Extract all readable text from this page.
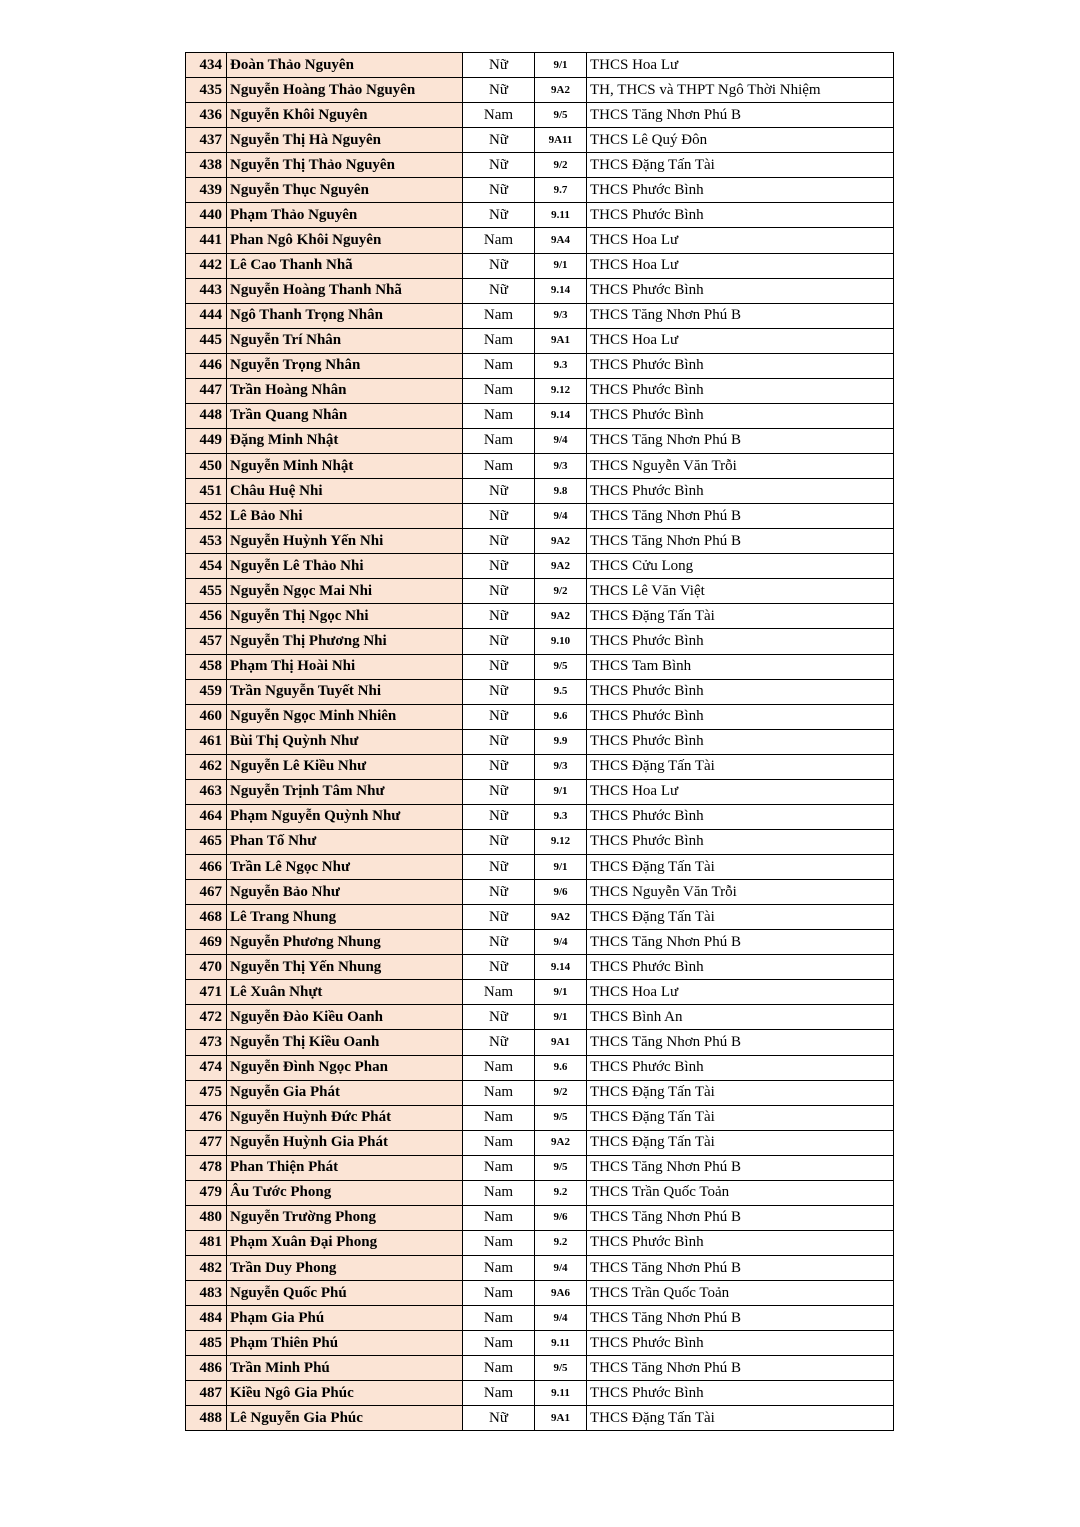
434	Đoàn Thảo Nguyên	Nữ	9/1	THCS Hoa Lư
435	Nguyễn Hoàng Thảo Nguyên	Nữ	9A2	TH, THCS và THPT Ngô Thời Nhiệm
436	Nguyễn Khôi Nguyên	Nam	9/5	THCS Tăng Nhơn Phú B
437	Nguyễn Thị Hà Nguyên	Nữ	9A11	THCS Lê Quý Đôn
438	Nguyễn Thị Thảo Nguyên	Nữ	9/2	THCS Đặng Tấn Tài
439	Nguyễn Thục Nguyên	Nữ	9.7	THCS Phước Bình
440	Phạm Thảo Nguyên	Nữ	9.11	THCS Phước Bình
441	Phan Ngô Khôi Nguyên	Nam	9A4	THCS Hoa Lư
442	Lê Cao Thanh Nhã	Nữ	9/1	THCS Hoa Lư
443	Nguyễn Hoàng Thanh Nhã	Nữ	9.14	THCS Phước Bình
444	Ngô Thanh Trọng Nhân	Nam	9/3	THCS Tăng Nhơn Phú B
445	Nguyễn Trí Nhân	Nam	9A1	THCS Hoa Lư
446	Nguyễn Trọng Nhân	Nam	9.3	THCS Phước Bình
447	Trần Hoàng Nhân	Nam	9.12	THCS Phước Bình
448	Trần Quang Nhân	Nam	9.14	THCS Phước Bình
449	Đặng Minh Nhật	Nam	9/4	THCS Tăng Nhơn Phú B
450	Nguyễn Minh Nhật	Nam	9/3	THCS Nguyễn Văn Trỗi
451	Châu Huệ Nhi	Nữ	9.8	THCS Phước Bình
452	Lê Bảo Nhi	Nữ	9/4	THCS Tăng Nhơn Phú B
453	Nguyễn Huỳnh Yến Nhi	Nữ	9A2	THCS Tăng Nhơn Phú B
454	Nguyễn Lê Thảo Nhi	Nữ	9A2	THCS Cửu Long
455	Nguyễn Ngọc Mai Nhi	Nữ	9/2	THCS Lê Văn Việt
456	Nguyễn Thị Ngọc Nhi	Nữ	9A2	THCS Đặng Tấn Tài
457	Nguyễn Thị Phương Nhi	Nữ	9.10	THCS Phước Bình
458	Phạm Thị Hoài Nhi	Nữ	9/5	THCS Tam Bình
459	Trần Nguyễn Tuyết Nhi	Nữ	9.5	THCS Phước Bình
460	Nguyễn Ngọc Minh Nhiên	Nữ	9.6	THCS Phước Bình
461	Bùi Thị Quỳnh Như	Nữ	9.9	THCS Phước Bình
462	Nguyễn Lê Kiều Như	Nữ	9/3	THCS Đặng Tấn Tài
463	Nguyễn Trịnh Tâm Như	Nữ	9/1	THCS Hoa Lư
464	Phạm Nguyễn Quỳnh Như	Nữ	9.3	THCS Phước Bình
465	Phan Tố Như	Nữ	9.12	THCS Phước Bình
466	Trần Lê Ngọc Như	Nữ	9/1	THCS Đặng Tấn Tài
467	Nguyễn Bảo Như	Nữ	9/6	THCS Nguyễn Văn Trỗi
468	Lê Trang Nhung	Nữ	9A2	THCS Đặng Tấn Tài
469	Nguyễn Phương Nhung	Nữ	9/4	THCS Tăng Nhơn Phú B
470	Nguyễn Thị Yến Nhung	Nữ	9.14	THCS Phước Bình
471	Lê Xuân Nhựt	Nam	9/1	THCS Hoa Lư
472	Nguyễn Đào Kiều Oanh	Nữ	9/1	THCS Bình An
473	Nguyễn Thị Kiều Oanh	Nữ	9A1	THCS Tăng Nhơn Phú B
474	Nguyễn Đình Ngọc Phan	Nam	9.6	THCS Phước Bình
475	Nguyễn Gia Phát	Nam	9/2	THCS Đặng Tấn Tài
476	Nguyễn Huỳnh Đức Phát	Nam	9/5	THCS Đặng Tấn Tài
477	Nguyễn Huỳnh Gia Phát	Nam	9A2	THCS Đặng Tấn Tài
478	Phan Thiện Phát	Nam	9/5	THCS Tăng Nhơn Phú B
479	Âu Tước Phong	Nam	9.2	THCS Trần Quốc Toản
480	Nguyễn Trường Phong	Nam	9/6	THCS Tăng Nhơn Phú B
481	Phạm Xuân Đại Phong	Nam	9.2	THCS Phước Bình
482	Trần Duy Phong	Nam	9/4	THCS Tăng Nhơn Phú B
483	Nguyễn Quốc Phú	Nam	9A6	THCS Trần Quốc Toản
484	Phạm Gia Phú	Nam	9/4	THCS Tăng Nhơn Phú B
485	Phạm Thiên Phú	Nam	9.11	THCS Phước Bình
486	Trần Minh Phú	Nam	9/5	THCS Tăng Nhơn Phú B
487	Kiều Ngô Gia Phúc	Nam	9.11	THCS Phước Bình
488	Lê Nguyễn Gia Phúc	Nữ	9A1	THCS Đặng Tấn Tài
